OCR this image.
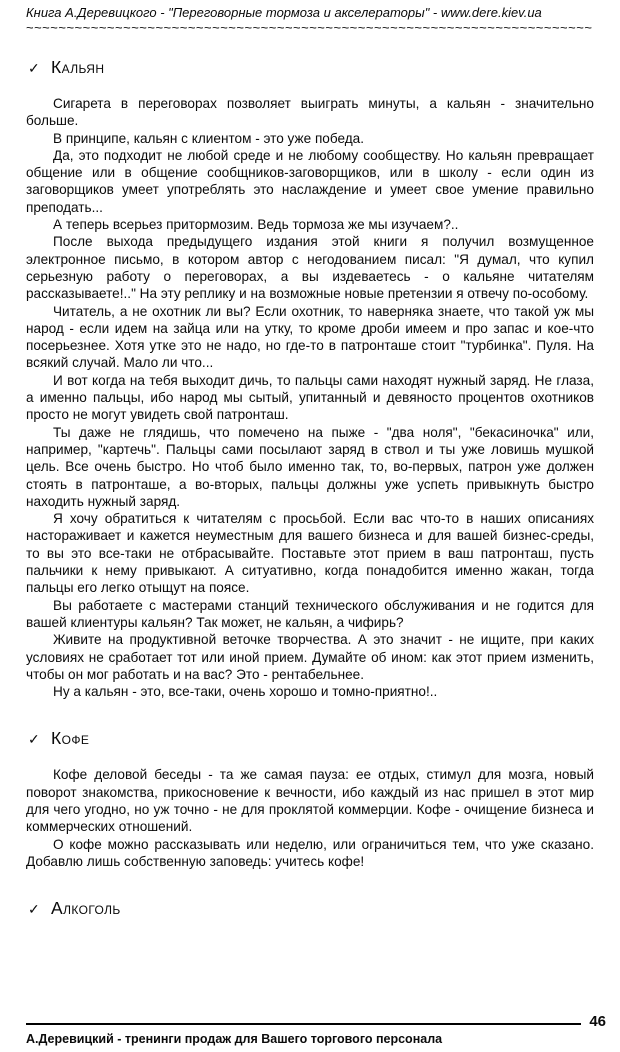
Книга А.Деревицкого - "Переговорные тормоза и акселераторы" - www.dere.kiev.ua
~~~~~~~~~~~~~~~~~~~~~~~~~~~~~~~~~~~~~~~~~~~~~~~~~~~~~~~~~~~~~~~~~~~~~~
✓ Кальян

Сигарета в переговорах позволяет выиграть минуты, а кальян - значительно больше.

В принципе, кальян с клиентом - это уже победа.

Да, это подходит не любой среде и не любому сообществу. Но кальян превращает общение или в общение сообщников-заговорщиков, или в школу - если один из заговорщиков умеет употреблять это наслаждение и умеет свое умение правильно преподать...

А теперь всерьез притормозим. Ведь тормоза же мы изучаем?..

После выхода предыдущего издания этой книги я получил возмущенное электронное письмо, в котором автор с негодованием писал: "Я думал, что купил серьезную работу о переговорах, а вы издеваетесь - о кальяне читателям рассказываете!.." На эту реплику и на возможные новые претензии я отвечу по-особому.

Читатель, а не охотник ли вы? Если охотник, то наверняка знаете, что такой уж мы народ - если идем на зайца или на утку, то кроме дроби имеем и про запас и кое-что посерьезнее. Хотя утке это не надо, но где-то в патронташе стоит "турбинка". Пуля. На всякий случай. Мало ли что...

И вот когда на тебя выходит дичь, то пальцы сами находят нужный заряд. Не глаза, а именно пальцы, ибо народ мы сытый, упитанный и девяносто процентов охотников просто не могут увидеть свой патронташ.

Ты даже не глядишь, что помечено на пыже - "два ноля", "бекасиночка" или, например, "картечь". Пальцы сами посылают заряд в ствол и ты уже ловишь мушкой цель. Все очень быстро. Но чтоб было именно так, то, во-первых, патрон уже должен стоять в патронташе, а во-вторых, пальцы должны уже успеть привыкнуть быстро находить нужный заряд.

Я хочу обратиться к читателям с просьбой. Если вас что-то в наших описаниях настораживает и кажется неуместным для вашего бизнеса и для вашей бизнес-среды, то вы это все-таки не отбрасывайте. Поставьте этот прием в ваш патронташ, пусть пальчики к нему привыкают. А ситуативно, когда понадобится именно жакан, тогда пальцы его легко отыщут на поясе.

Вы работаете с мастерами станций технического обслуживания и не годится для вашей клиентуры кальян? Так может, не кальян, а чифирь?

Живите на продуктивной веточке творчества. А это значит - не ищите, при каких условиях не сработает тот или иной прием. Думайте об ином: как этот прием изменить, чтобы он мог работать и на вас? Это - рентабельнее.

Ну а кальян - это, все-таки, очень хорошо и томно-приятно!..

✓ Кофе

Кофе деловой беседы - та же самая пауза: ее отдых, стимул для мозга, новый поворот знакомства, прикосновение к вечности, ибо каждый из нас пришел в этот мир для чего угодно, но уж точно - не для проклятой коммерции. Кофе - очищение бизнеса и коммерческих отношений.

О кофе можно рассказывать или неделю, или ограничиться тем, что уже сказано. Добавлю лишь собственную заповедь: учитесь кофе!

✓ Алкоголь
46
А.Деревицкий - тренинги продаж для Вашего торгового персонала
